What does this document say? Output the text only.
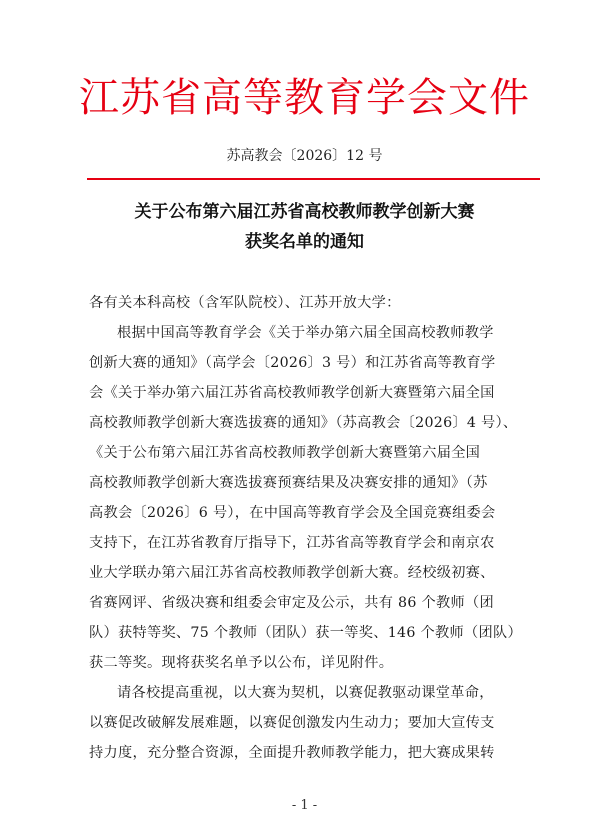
江苏省高等教育学会文件
苏高教会〔2026〕12 号
关于公布第六届江苏省高校教师教学创新大赛
获奖名单的通知
各有关本科高校（含军队院校）、江苏开放大学：
根据中国高等教育学会《关于举办第六届全国高校教师教学
创新大赛的通知》（高学会〔2026〕3 号）和江苏省高等教育学
会《关于举办第六届江苏省高校教师教学创新大赛暨第六届全国
高校教师教学创新大赛选拔赛的通知》（苏高教会〔2026〕4 号）、
《关于公布第六届江苏省高校教师教学创新大赛暨第六届全国
高校教师教学创新大赛选拔赛预赛结果及决赛安排的通知》（苏
高教会〔2026〕6 号），在中国高等教育学会及全国竞赛组委会
支持下，在江苏省教育厅指导下，江苏省高等教育学会和南京农
业大学联办第六届江苏省高校教师教学创新大赛。经校级初赛、
省赛网评、省级决赛和组委会审定及公示，共有 86 个教师（团
队）获特等奖、75 个教师（团队）获一等奖、146 个教师（团队）
获二等奖。现将获奖名单予以公布，详见附件。
请各校提高重视，以大赛为契机，以赛促教驱动课堂革命，
以赛促改破解发展难题，以赛促创激发内生动力；要加大宣传支
持力度，充分整合资源，全面提升教师教学能力，把大赛成果转
- 1 -
